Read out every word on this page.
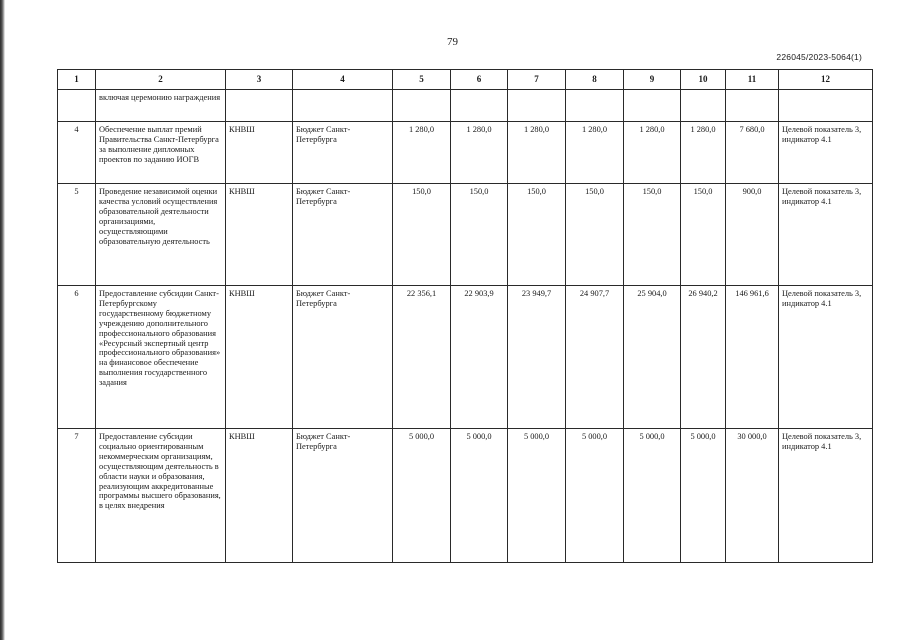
79
226045/2023-5064(1)
1	2	3	4	5	6	7	8	9	10	11	12
	включая церемонию награждения										
4	Обеспечение выплат премий Правительства Санкт-Петербурга за выполнение дипломных проектов по заданию ИОГВ	КНВШ	Бюджет Санкт-Петербурга	1 280,0	1 280,0	1 280,0	1 280,0	1 280,0	1 280,0	7 680,0	Целевой показатель 3, индикатор 4.1
5	Проведение независимой оценки качества условий осуществления образовательной деятельности организациями, осуществляющими образовательную деятельность	КНВШ	Бюджет Санкт-Петербурга	150,0	150,0	150,0	150,0	150,0	150,0	900,0	Целевой показатель 3, индикатор 4.1
6	Предоставление субсидии Санкт-Петербургскому государственному бюджетному учреждению дополнительного профессионального образования «Ресурсный экспертный центр профессионального образования» на финансовое обеспечение выполнения государственного задания	КНВШ	Бюджет Санкт-Петербурга	22 356,1	22 903,9	23 949,7	24 907,7	25 904,0	26 940,2	146 961,6	Целевой показатель 3, индикатор 4.1
7	Предоставление субсидии социально ориентированным некоммерческим организациям, осуществляющим деятельность в области науки и образования, реализующим аккредитованные программы высшего образования, в целях внедрения	КНВШ	Бюджет Санкт-Петербурга	5 000,0	5 000,0	5 000,0	5 000,0	5 000,0	5 000,0	30 000,0	Целевой показатель 3, индикатор 4.1
